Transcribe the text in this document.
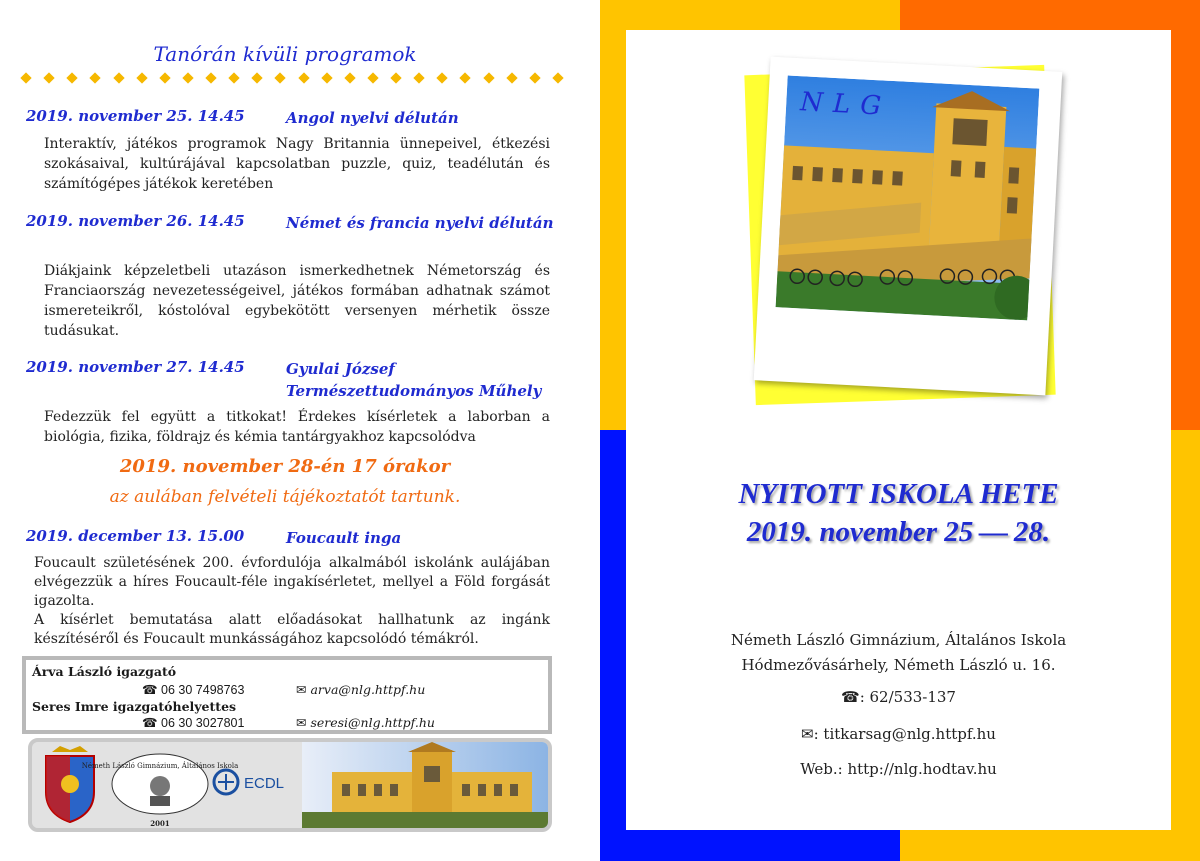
Tanórán kívüli programok
2019. november 25. 14.45	Angol nyelvi délután
Interaktív, játékos programok Nagy Britannia ünnepeivel, étkezési szokásaival, kultúrájával kapcsolatban puzzle, quiz, teadélután és számítógépes játékok keretében
2019. november 26. 14.45	Német és francia nyelvi délután
Diákjaink képzeletbeli utazáson ismerkedhetnek Németország és Franciaország nevezetességeivel, játékos formában adhatnak számot ismereteikről, kóstolóval egybekötött versenyen mérhetik össze tudásukat.
2019. november 27. 14.45	Gyulai József Természettudományos Műhely
Fedezzük fel együtt a titkokat! Érdekes kísérletek a laborban a biológia, fizika, földrajz és kémia tantárgyakhoz kapcsolódva
2019. november 28-én 17 órakor
az aulában felvételi tájékoztatót tartunk.
2019. december 13. 15.00	Foucault inga
Foucault születésének 200. évfordulója alkalmából iskolánk aulájában elvégezzük a híres Foucault-féle ingakísérletet, mellyel a Föld forgását igazolta.
A kísérlet bemutatása alatt előadásokat hallhatunk az ingánk készítéséről és Foucault munkásságához kapcsolódó témákról.
Árva László igazgató
☎ 06 30 7498763	✉ arva@nlg.httpf.hu
Seres Imre igazgatóhelyettes
☎ 06 30 3027801	✉ seresi@nlg.httpf.hu
Németh László Gimnázium, Általános Iskola
2001
ECDL
NLG
NYITOTT ISKOLA HETE
2019. november 25 — 28.
Németh László Gimnázium, Általános Iskola
Hódmezővásárhely, Németh László u. 16.
☎: 62/533-137
✉: titkarsag@nlg.httpf.hu
Web.: http://nlg.hodtav.hu
